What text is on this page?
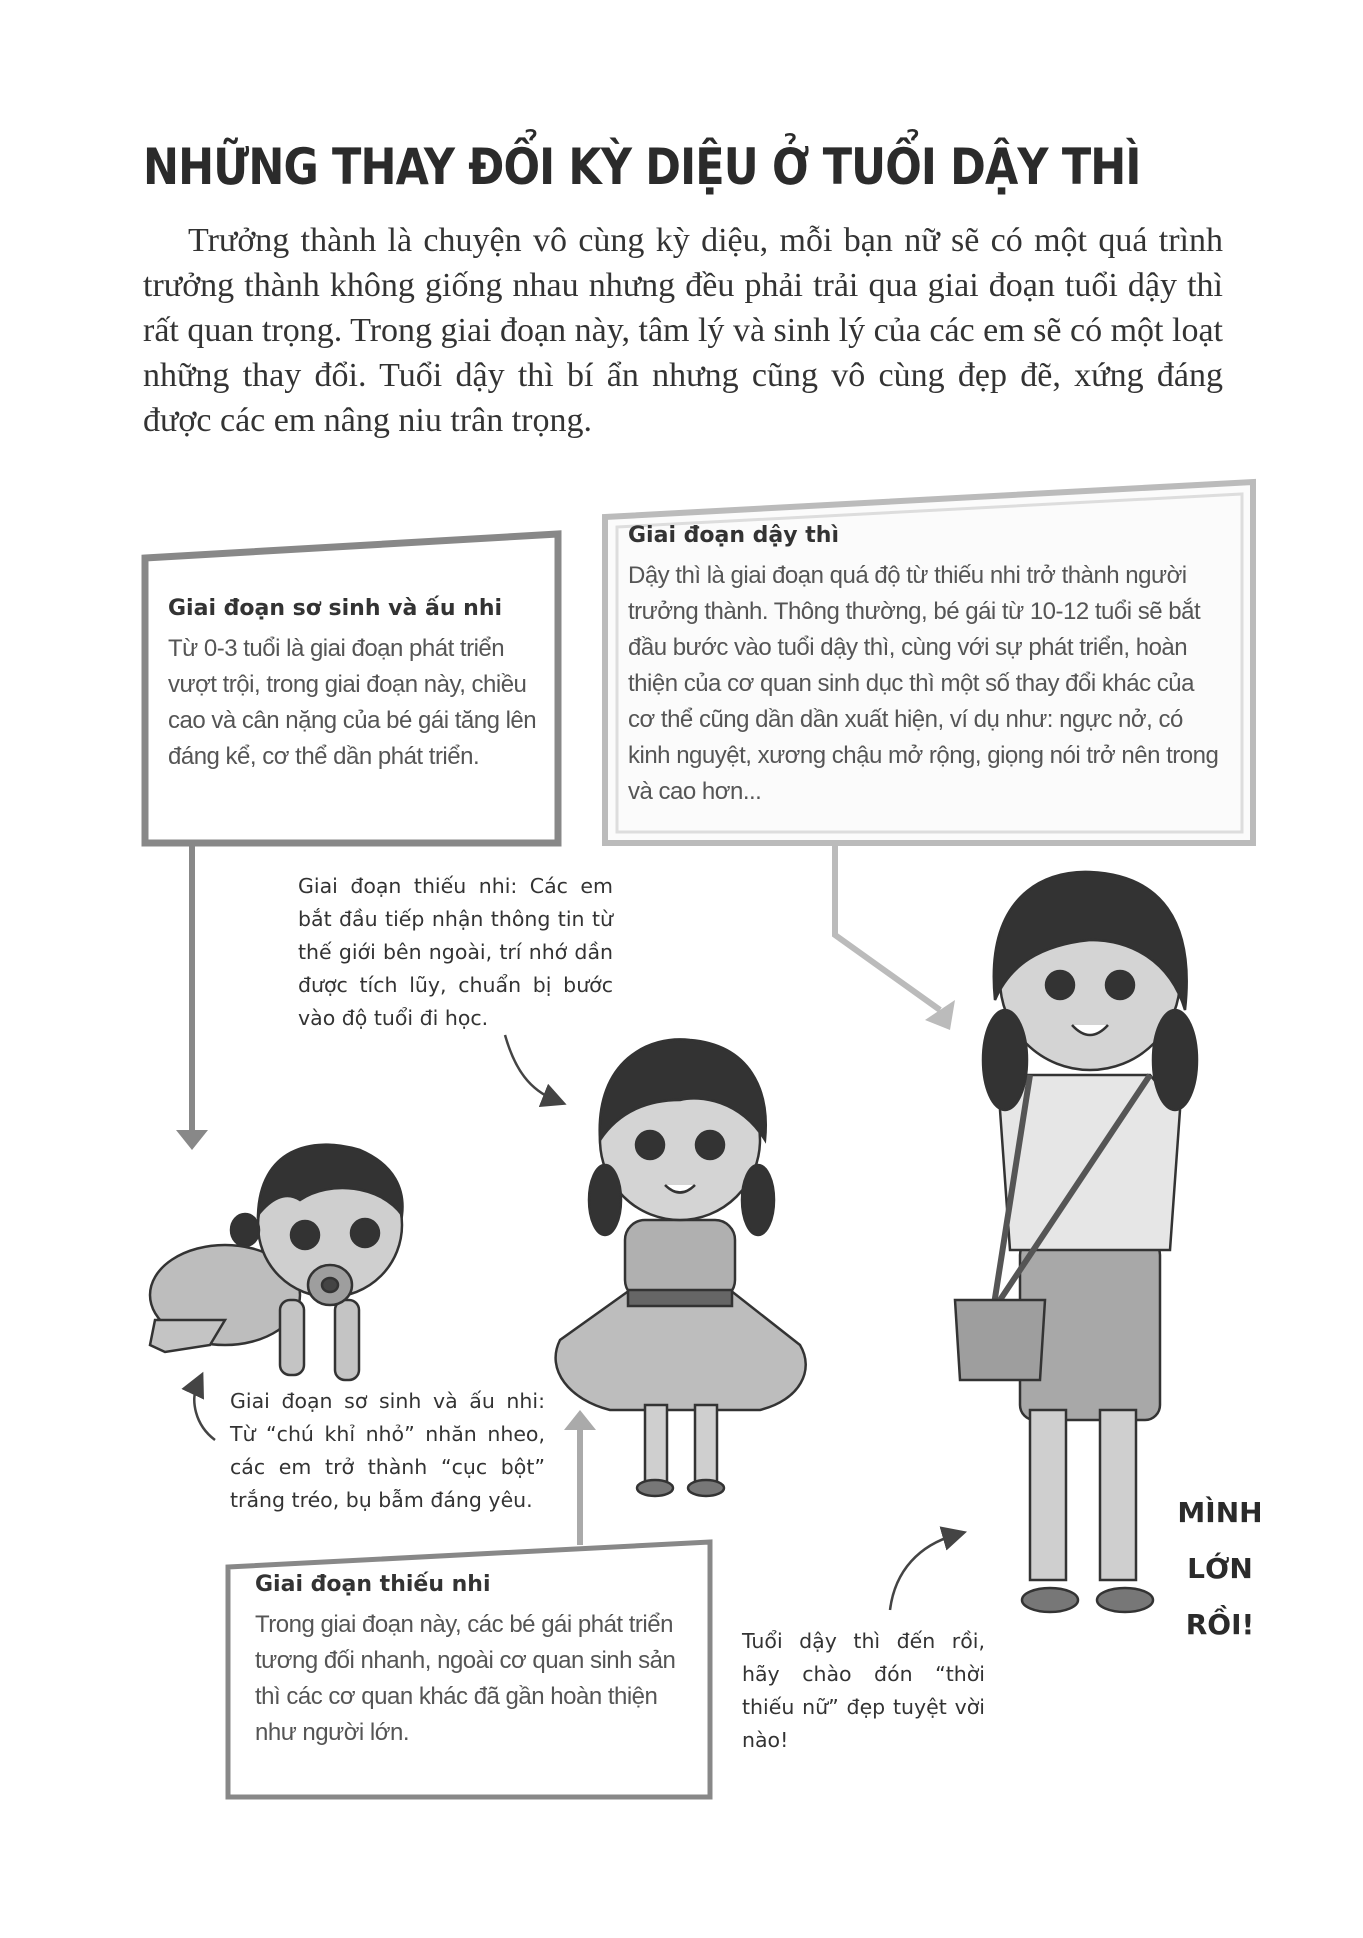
NHỮNG THAY ĐỔI KỲ DIỆU Ở TUỔI DẬY THÌ

Trưởng thành là chuyện vô cùng kỳ diệu, mỗi bạn nữ sẽ có một quá trình trưởng thành không giống nhau nhưng đều phải trải qua giai đoạn tuổi dậy thì rất quan trọng. Trong giai đoạn này, tâm lý và sinh lý của các em sẽ có một loạt những thay đổi. Tuổi dậy thì bí ẩn nhưng cũng vô cùng đẹp đẽ, xứng đáng được các em nâng niu trân trọng.

Giai đoạn sơ sinh và ấu nhi

Từ 0-3 tuổi là giai đoạn phát triển vượt trội, trong giai đoạn này, chiều cao và cân nặng của bé gái tăng lên đáng kể, cơ thể dần phát triển.

Giai đoạn dậy thì

Dậy thì là giai đoạn quá độ từ thiếu nhi trở thành người trưởng thành. Thông thường, bé gái từ 10-12 tuổi sẽ bắt đầu bước vào tuổi dậy thì, cùng với sự phát triển, hoàn thiện của cơ quan sinh dục thì một số thay đổi khác của cơ thể cũng dần dần xuất hiện, ví dụ như: ngực nở, có kinh nguyệt, xương chậu mở rộng, giọng nói trở nên trong và cao hơn...

Giai đoạn thiếu nhi

Trong giai đoạn này, các bé gái phát triển tương đối nhanh, ngoài cơ quan sinh sản thì các cơ quan khác đã gần hoàn thiện như người lớn.

Giai đoạn thiếu nhi: Các em bắt đầu tiếp nhận thông tin từ thế giới bên ngoài, trí nhớ dần được tích lũy, chuẩn bị bước vào độ tuổi đi học.

Giai đoạn sơ sinh và ấu nhi: Từ “chú khỉ nhỏ” nhăn nheo, các em trở thành “cục bột” trắng tréo, bụ bẫm đáng yêu.

Tuổi dậy thì đến rồi, hãy chào đón “thời thiếu nữ” đẹp tuyệt vời nào!

MÌNH LỚN RỒI!
